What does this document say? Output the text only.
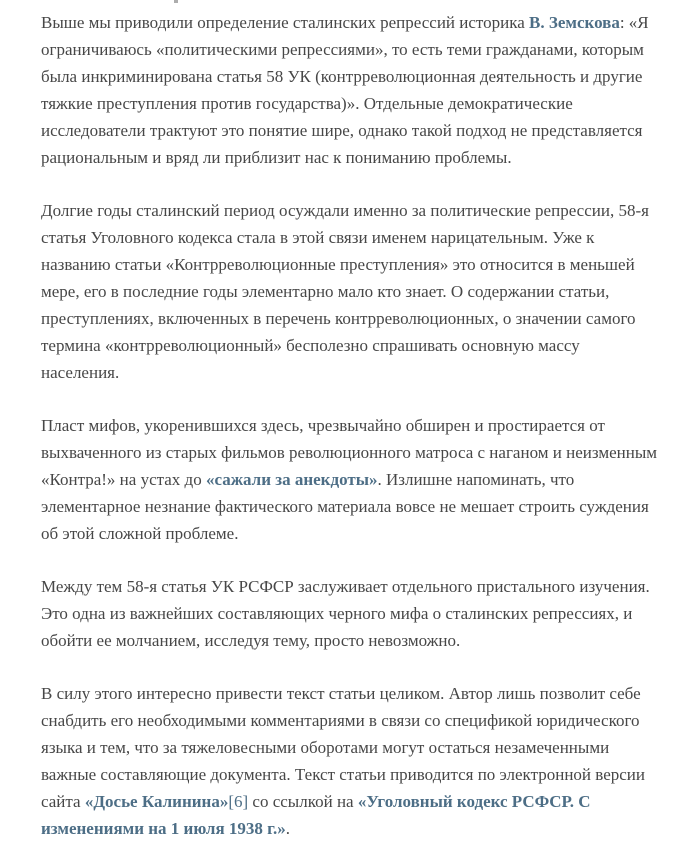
Выше мы приводили определение сталинских репрессий историка В. Земскова: «Я ограничиваюсь «политическими репрессиями», то есть теми гражданами, которым была инкриминирована статья 58 УК (контрреволюционная деятельность и другие тяжкие преступления против государства)». Отдельные демократические исследователи трактуют это понятие шире, однако такой подход не представляется рациональным и вряд ли приблизит нас к пониманию проблемы.

Долгие годы сталинский период осуждали именно за политические репрессии, 58-я статья Уголовного кодекса стала в этой связи именем нарицательным. Уже к названию статьи «Контрреволюционные преступления» это относится в меньшей мере, его в последние годы элементарно мало кто знает. О содержании статьи, преступлениях, включенных в перечень контрреволюционных, о значении самого термина «контрреволюционный» бесполезно спрашивать основную массу населения.

Пласт мифов, укоренившихся здесь, чрезвычайно обширен и простирается от выхваченного из старых фильмов революционного матроса с наганом и неизменным «Контра!» на устах до «сажали за анекдоты». Излишне напоминать, что элементарное незнание фактического материала вовсе не мешает строить суждения об этой сложной проблеме.

Между тем 58-я статья УК РСФСР заслуживает отдельного пристального изучения. Это одна из важнейших составляющих черного мифа о сталинских репрессиях, и обойти ее молчанием, исследуя тему, просто невозможно.

В силу этого интересно привести текст статьи целиком. Автор лишь позволит себе снабдить его необходимыми комментариями в связи со спецификой юридического языка и тем, что за тяжеловесными оборотами могут остаться незамеченными важные составляющие документа. Текст статьи приводится по электронной версии сайта «Досье Калинина»[6] со ссылкой на «Уголовный кодекс РСФСР. С изменениями на 1 июля 1938 г.».
